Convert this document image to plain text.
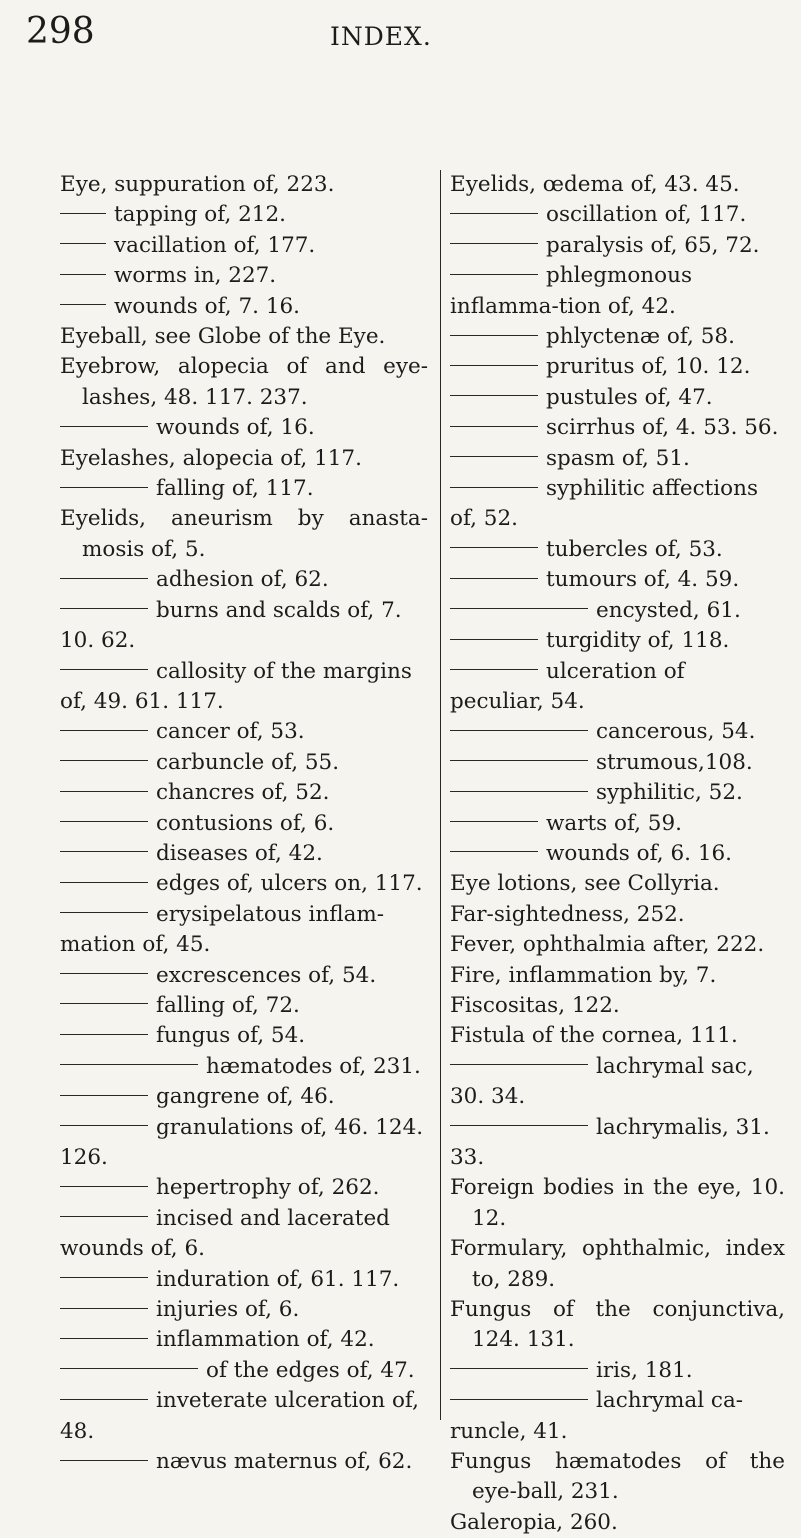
298	INDEX.

Eye, suppuration of, 223.

tapping of, 212.

vacillation of, 177.

worms in, 227.

wounds of, 7. 16.

Eyeball, see Globe of the Eye.

Eyebrow, alopecia of and eye-lashes, 48. 117. 237.

wounds of, 16.

Eyelashes, alopecia of, 117.

falling of, 117.

Eyelids, aneurism by anasta-mosis of, 5.

adhesion of, 62.

burns and scalds of, 7. 10. 62.

callosity of the margins of, 49. 61. 117.

cancer of, 53.

carbuncle of, 55.

chancres of, 52.

contusions of, 6.

diseases of, 42.

edges of, ulcers on, 117.

erysipelatous inflam-mation of, 45.

excrescences of, 54.

falling of, 72.

fungus of, 54.

hæmatodes of, 231.

gangrene of, 46.

granulations of, 46. 124. 126.

hepertrophy of, 262.

incised and lacerated wounds of, 6.

induration of, 61. 117.

injuries of, 6.

inflammation of, 42.

of the edges of, 47.

inveterate ulceration of, 48.

nævus maternus of, 62.

Eyelids, œdema of, 43. 45.

oscillation of, 117.

paralysis of, 65, 72.

phlegmonous inflamma-tion of, 42.

phlyctenæ of, 58.

pruritus of, 10. 12.

pustules of, 47.

scirrhus of, 4. 53. 56.

spasm of, 51.

syphilitic affections of, 52.

tubercles of, 53.

tumours of, 4. 59.

encysted, 61.

turgidity of, 118.

ulceration of peculiar, 54.

cancerous, 54.

strumous,108.

syphilitic, 52.

warts of, 59.

wounds of, 6. 16.

Eye lotions, see Collyria.

Far-sightedness, 252.

Fever, ophthalmia after, 222.

Fire, inflammation by, 7.

Fiscositas, 122.

Fistula of the cornea, 111.

lachrymal sac, 30. 34.

lachrymalis, 31. 33.

Foreign bodies in the eye, 10. 12.

Formulary, ophthalmic, index to, 289.

Fungus of the conjunctiva, 124. 131.

iris, 181.

lachrymal ca-runcle, 41.

Fungus hæmatodes of the eye-ball, 231.

Galeropia, 260.
